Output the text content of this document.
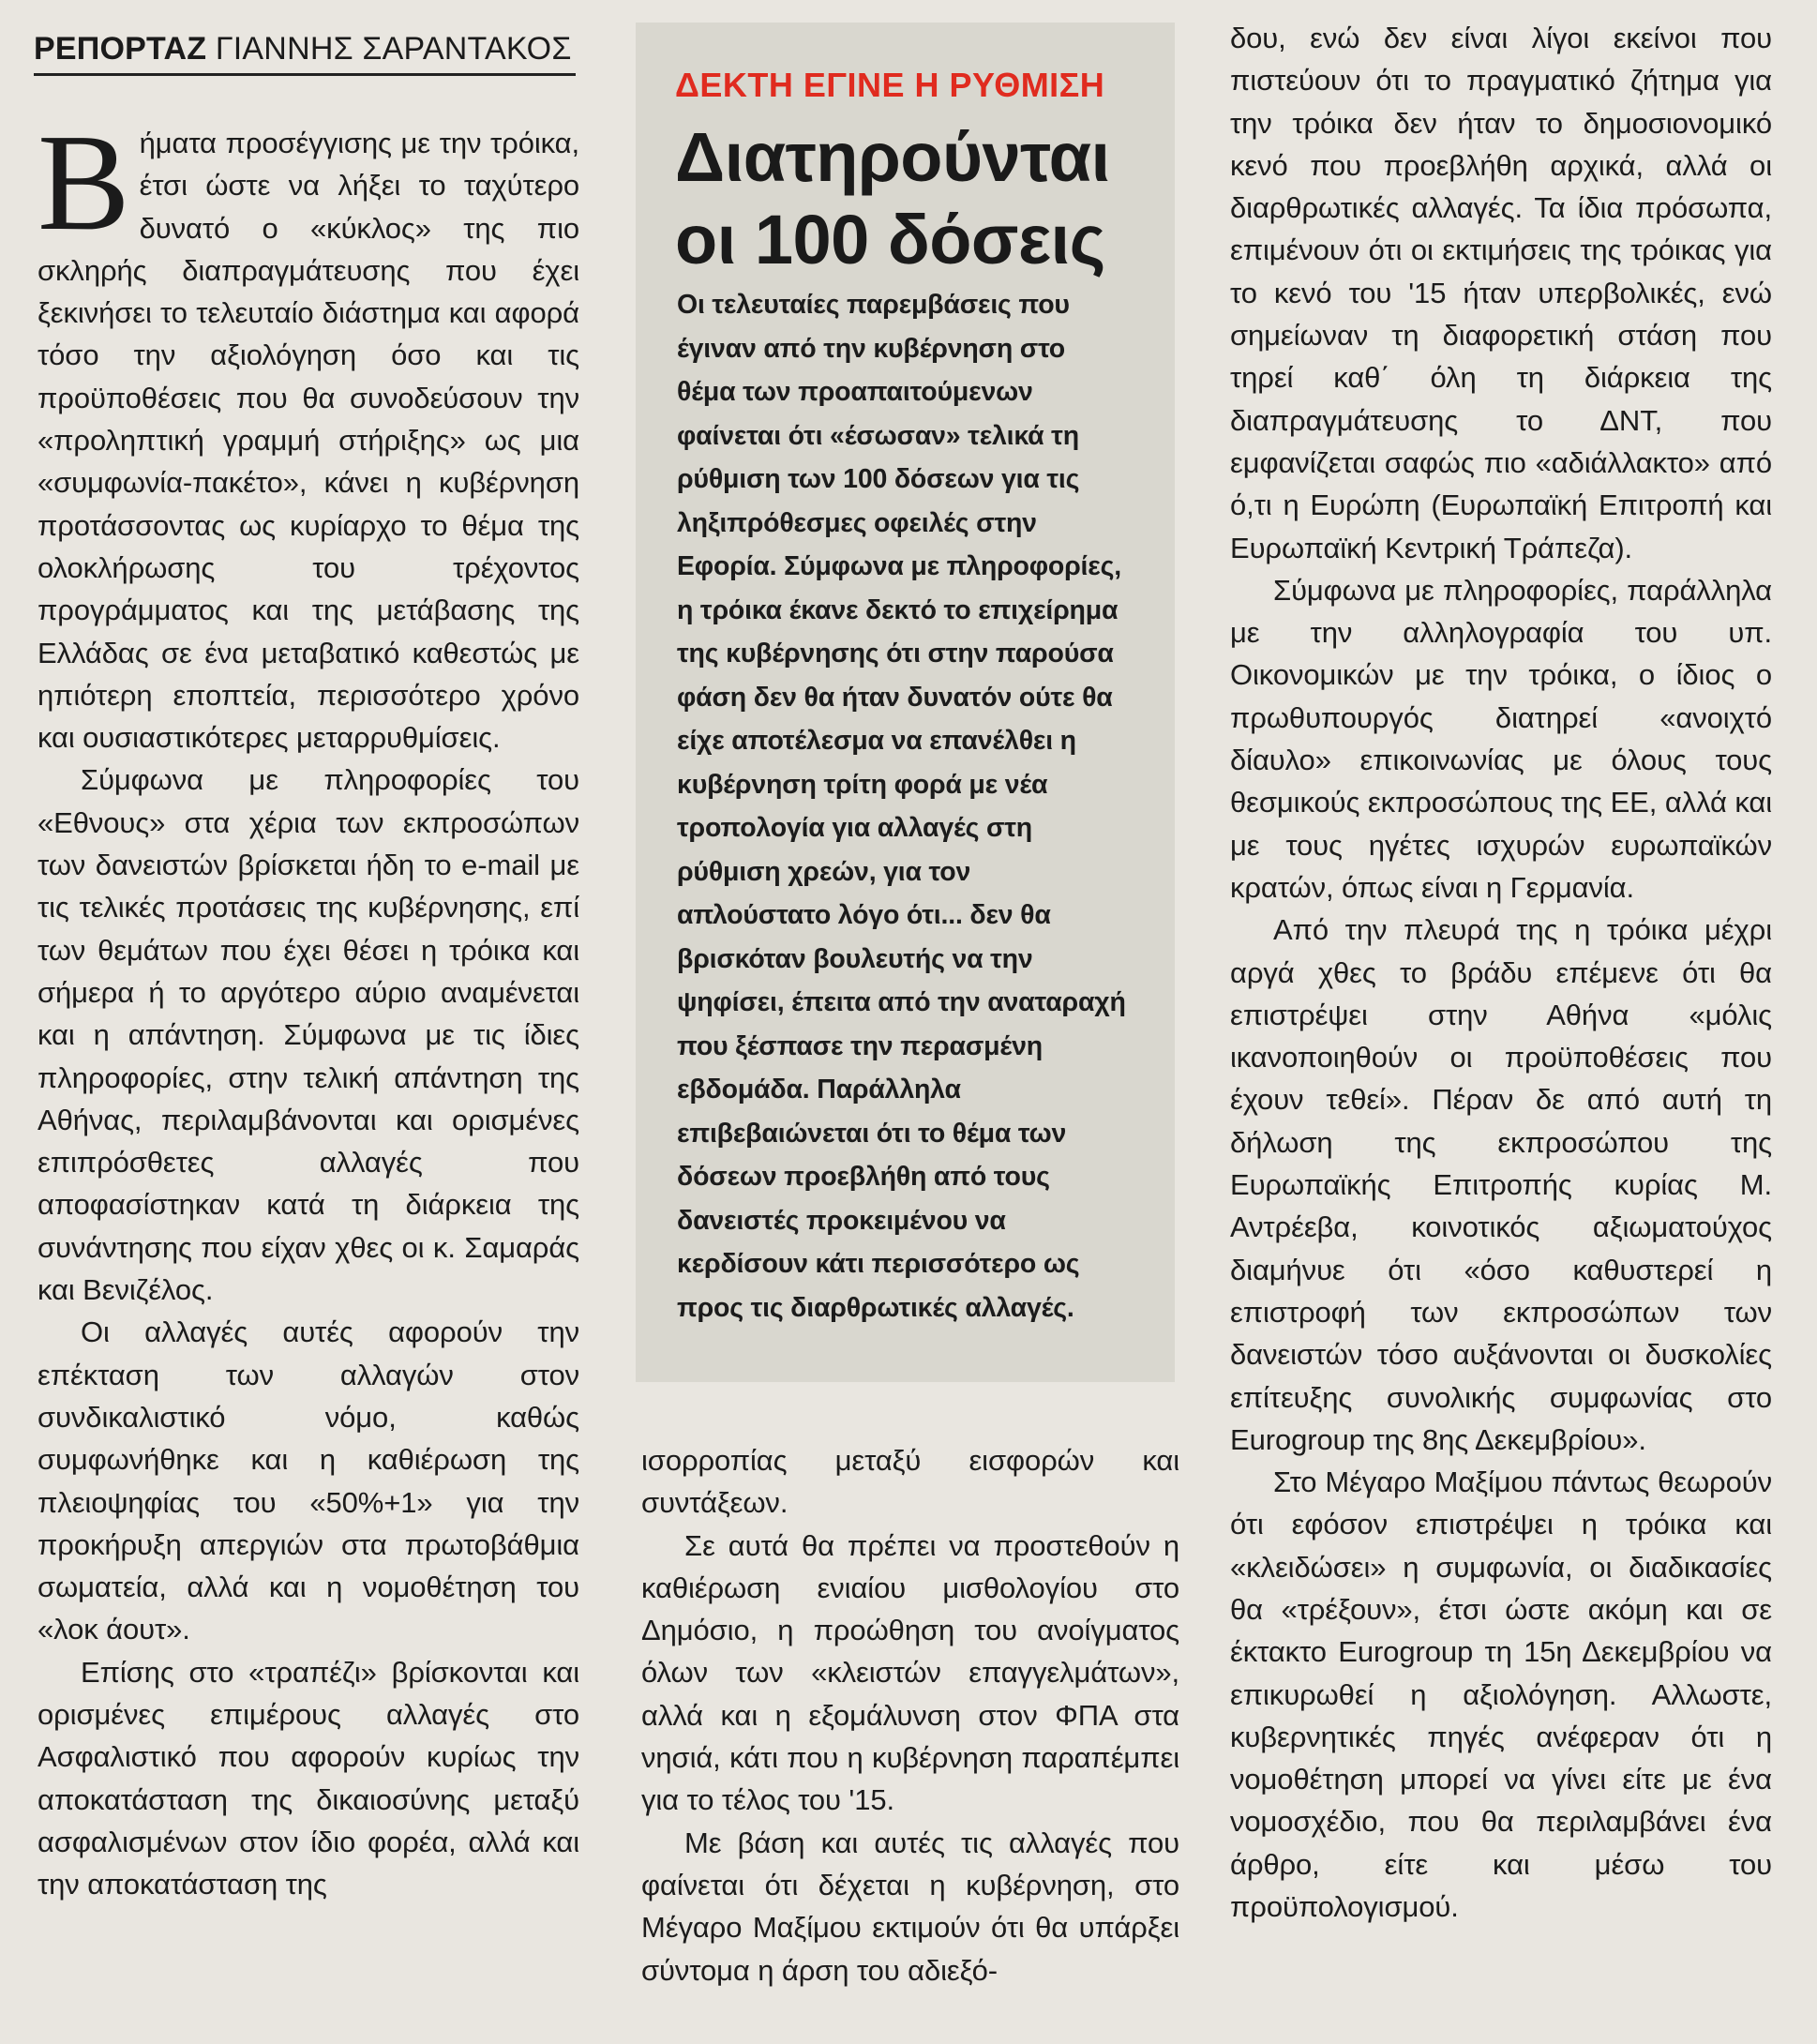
ΡΕΠΟΡΤΑΖ ΓΙΑΝΝΗΣ ΣΑΡΑΝΤΑΚΟΣ

Βήματα προσέγγισης με την τρόικα, έτσι ώστε να λήξει το ταχύτερο δυνατό ο «κύκλος» της πιο σκληρής διαπραγμάτευσης που έχει ξεκινήσει το τελευταίο διάστημα και αφορά τόσο την αξιολόγηση όσο και τις προϋποθέσεις που θα συνοδεύσουν την «προληπτική γραμμή στήριξης» ως μια «συμφωνία-πακέτο», κάνει η κυβέρνηση προτάσσοντας ως κυρίαρχο το θέμα της ολοκλήρωσης του τρέχοντος προγράμματος και της μετάβασης της Ελλάδας σε ένα μεταβατικό καθεστώς με ηπιότερη εποπτεία, περισσότερο χρόνο και ουσιαστικότερες μεταρρυθμίσεις.

Σύμφωνα με πληροφορίες του «Εθνους» στα χέρια των εκπροσώπων των δανειστών βρίσκεται ήδη το e-mail με τις τελικές προτάσεις της κυβέρνησης, επί των θεμάτων που έχει θέσει η τρόικα και σήμερα ή το αργότερο αύριο αναμένεται και η απάντηση. Σύμφωνα με τις ίδιες πληροφορίες, στην τελική απάντηση της Αθήνας, περιλαμβάνονται και ορισμένες επιπρόσθετες αλλαγές που αποφασίστηκαν κατά τη διάρκεια της συνάντησης που είχαν χθες οι κ. Σαμαράς και Βενιζέλος.

Οι αλλαγές αυτές αφορούν την επέκταση των αλλαγών στον συνδικαλιστικό νόμο, καθώς συμφωνήθηκε και η καθιέρωση της πλειοψηφίας του «50%+1» για την προκήρυξη απεργιών στα πρωτοβάθμια σωματεία, αλλά και η νομοθέτηση του «λοκ άουτ».

Επίσης στο «τραπέζι» βρίσκονται και ορισμένες επιμέρους αλλαγές στο Ασφαλιστικό που αφορούν κυρίως την αποκατάσταση της δικαιοσύνης μεταξύ ασφαλισμένων στον ίδιο φορέα, αλλά και την αποκατάσταση της

ΔΕΚΤΗ ΕΓΙΝΕ Η ΡΥΘΜΙΣΗ
Διατηρούνται οι 100 δόσεις
Οι τελευταίες παρεμβάσεις που έγιναν από την κυβέρνηση στο θέμα των προαπαιτούμενων φαίνεται ότι «έσωσαν» τελικά τη ρύθμιση των 100 δόσεων για τις ληξιπρόθεσμες οφειλές στην Εφορία. Σύμφωνα με πληροφορίες, η τρόικα έκανε δεκτό το επιχείρημα της κυβέρνησης ότι στην παρούσα φάση δεν θα ήταν δυνατόν ούτε θα είχε αποτέλεσμα να επανέλθει η κυβέρνηση τρίτη φορά με νέα τροπολογία για αλλαγές στη ρύθμιση χρεών, για τον απλούστατο λόγο ότι... δεν θα βρισκόταν βουλευτής να την ψηφίσει, έπειτα από την αναταραχή που ξέσπασε την περασμένη εβδομάδα. Παράλληλα επιβεβαιώνεται ότι το θέμα των δόσεων προεβλήθη από τους δανειστές προκειμένου να κερδίσουν κάτι περισσότερο ως προς τις διαρθρωτικές αλλαγές.

ισορροπίας μεταξύ εισφορών και συντάξεων.

Σε αυτά θα πρέπει να προστεθούν η καθιέρωση ενιαίου μισθολογίου στο Δημόσιο, η προώθηση του ανοίγματος όλων των «κλειστών επαγγελμάτων», αλλά και η εξομάλυνση στον ΦΠΑ στα νησιά, κάτι που η κυβέρνηση παραπέμπει για το τέλος του '15.

Με βάση και αυτές τις αλλαγές που φαίνεται ότι δέχεται η κυβέρνηση, στο Μέγαρο Μαξίμου εκτιμούν ότι θα υπάρξει σύντομα η άρση του αδιεξό-

δου, ενώ δεν είναι λίγοι εκείνοι που πιστεύουν ότι το πραγματικό ζήτημα για την τρόικα δεν ήταν το δημοσιονομικό κενό που προεβλήθη αρχικά, αλλά οι διαρθρωτικές αλλαγές. Τα ίδια πρόσωπα, επιμένουν ότι οι εκτιμήσεις της τρόικας για το κενό του '15 ήταν υπερβολικές, ενώ σημείωναν τη διαφορετική στάση που τηρεί καθ΄ όλη τη διάρκεια της διαπραγμάτευσης το ΔΝΤ, που εμφανίζεται σαφώς πιο «αδιάλλακτο» από ό,τι η Ευρώπη (Ευρωπαϊκή Επιτροπή και Ευρωπαϊκή Κεντρική Τράπεζα).

Σύμφωνα με πληροφορίες, παράλληλα με την αλληλογραφία του υπ. Οικονομικών με την τρόικα, ο ίδιος ο πρωθυπουργός διατηρεί «ανοιχτό δίαυλο» επικοινωνίας με όλους τους θεσμικούς εκπροσώπους της ΕΕ, αλλά και με τους ηγέτες ισχυρών ευρωπαϊκών κρατών, όπως είναι η Γερμανία.

Από την πλευρά της η τρόικα μέχρι αργά χθες το βράδυ επέμενε ότι θα επιστρέψει στην Αθήνα «μόλις ικανοποιηθούν οι προϋποθέσεις που έχουν τεθεί». Πέραν δε από αυτή τη δήλωση της εκπροσώπου της Ευρωπαϊκής Επιτροπής κυρίας Μ. Αντρέεβα, κοινοτικός αξιωματούχος διαμήνυε ότι «όσο καθυστερεί η επιστροφή των εκπροσώπων των δανειστών τόσο αυξάνονται οι δυσκολίες επίτευξης συνολικής συμφωνίας στο Eurogroup της 8ης Δεκεμβρίου».

Στο Μέγαρο Μαξίμου πάντως θεωρούν ότι εφόσον επιστρέψει η τρόικα και «κλειδώσει» η συμφωνία, οι διαδικασίες θα «τρέξουν», έτσι ώστε ακόμη και σε έκτακτο Eurogroup τη 15η Δεκεμβρίου να επικυρωθεί η αξιολόγηση. Αλλωστε, κυβερνητικές πηγές ανέφεραν ότι η νομοθέτηση μπορεί να γίνει είτε με ένα νομοσχέδιο, που θα περιλαμβάνει ένα άρθρο, είτε και μέσω του προϋπολογισμού.
